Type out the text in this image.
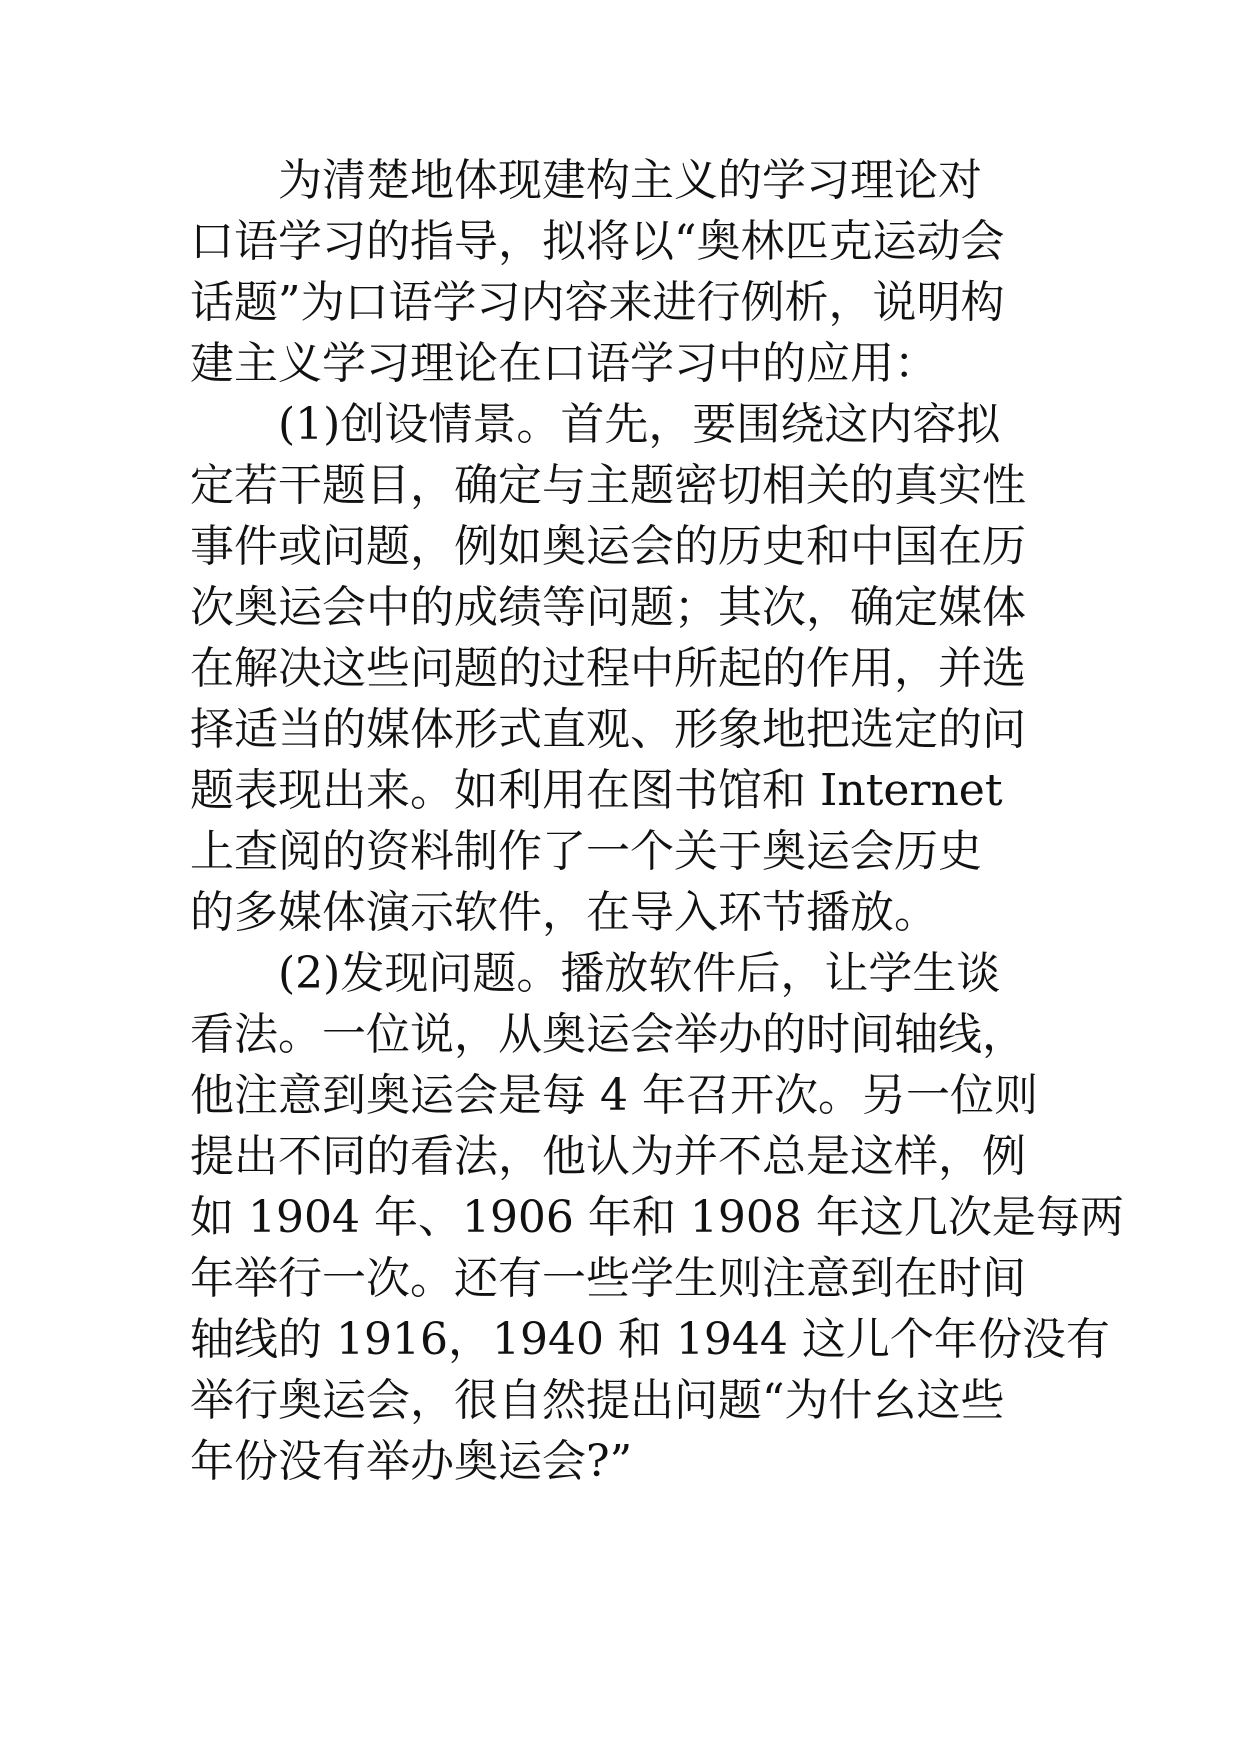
为清楚地体现建构主义的学习理论对
口语学习的指导，拟将以“奥林匹克运动会
话题”为口语学习内容来进行例析，说明构
建主义学习理论在口语学习中的应用：
(1)创设情景。首先，要围绕这内容拟
定若干题目，确定与主题密切相关的真实性
事件或问题，例如奥运会的历史和中国在历
次奥运会中的成绩等问题；其次，确定媒体
在解决这些问题的过程中所起的作用，并选
择适当的媒体形式直观、形象地把选定的问
题表现出来。如利用在图书馆和 Internet
上查阅的资料制作了一个关于奥运会历史
的多媒体演示软件，在导入环节播放。
(2)发现问题。播放软件后，让学生谈
看法。一位说，从奥运会举办的时间轴线，
他注意到奥运会是每 4 年召开次。另一位则
提出不同的看法，他认为并不总是这样，例
如 1904 年、1906 年和 1908 年这几次是每两
年举行一次。还有一些学生则注意到在时间
轴线的 1916，1940 和 1944 这儿个年份没有
举行奥运会，很自然提出问题“为什幺这些
年份没有举办奥运会?”
